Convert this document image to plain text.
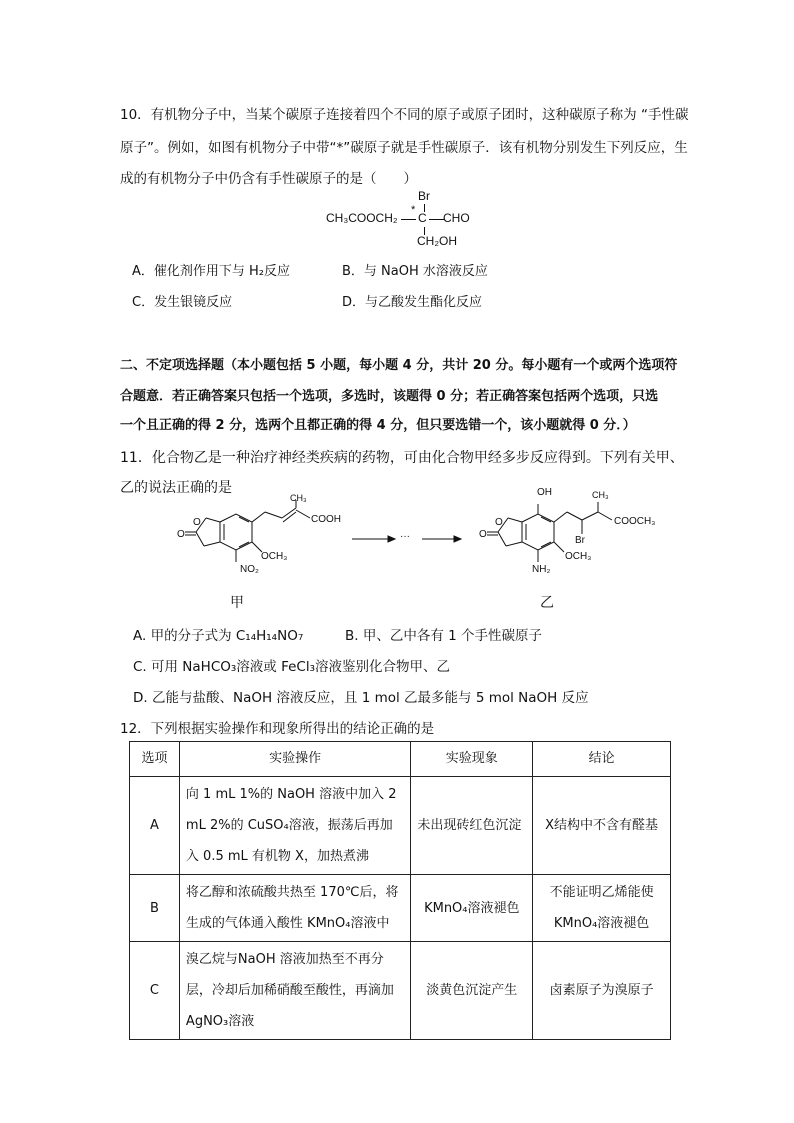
10．有机物分子中，当某个碳原子连接着四个不同的原子或原子团时，这种碳原子称为 “手性碳
原子”。例如，如图有机物分子中带“*”碳原子就是手性碳原子．该有机物分别发生下列反应，生
成的有机物分子中仍含有手性碳原子的是（　　）
Br
CH₃COOCH₂
*
C CHO
CH₂OH
A．催化剂作用下与 H₂反应	B．与 NaOH 水溶液反应
C．发生银镜反应	D．与乙酸发生酯化反应
二、不定项选择题（本小题包括 5 小题，每小题 4 分，共计 20 分。每小题有一个或两个选项符
合题意．若正确答案只包括一个选项，多选时，该题得 0 分；若正确答案包括两个选项，只选
一个且正确的得 2 分，选两个且都正确的得 4 分，但只要选错一个，该小题就得 0 分．）
11．化合物乙是一种治疗神经类疾病的药物，可由化合物甲经多步反应得到。下列有关甲、
乙的说法正确的是
O
O
CH₃
COOH
OCH₃
NO₂
···
OH	CH₃
COOCH₃
Br
OCH₃
NH₂
O
O
甲	乙
A. 甲的分子式为 C₁₄H₁₄NO₇	B. 甲、乙中各有 1 个手性碳原子
C. 可用 NaHCO₃溶液或 FeCl₃溶液鉴别化合物甲、乙
D. 乙能与盐酸、NaOH 溶液反应，且 1 mol 乙最多能与 5 mol NaOH 反应
12．下列根据实验操作和现象所得出的结论正确的是
选项	实验操作	实验现象	结论
A	向 1 mL 1%的 NaOH 溶液中加入 2 mL 2%的 CuSO₄溶液，振荡后再加入 0.5 mL 有机物 X，加热煮沸	未出现砖红色沉淀	X结构中不含有醛基
B	将乙醇和浓硫酸共热至 170℃后，将生成的气体通入酸性 KMnO₄溶液中	KMnO₄溶液褪色	不能证明乙烯能使 KMnO₄溶液褪色
C	溴乙烷与NaOH 溶液加热至不再分层，冷却后加稀硝酸至酸性，再滴加 AgNO₃溶液	淡黄色沉淀产生	卤素原子为溴原子
